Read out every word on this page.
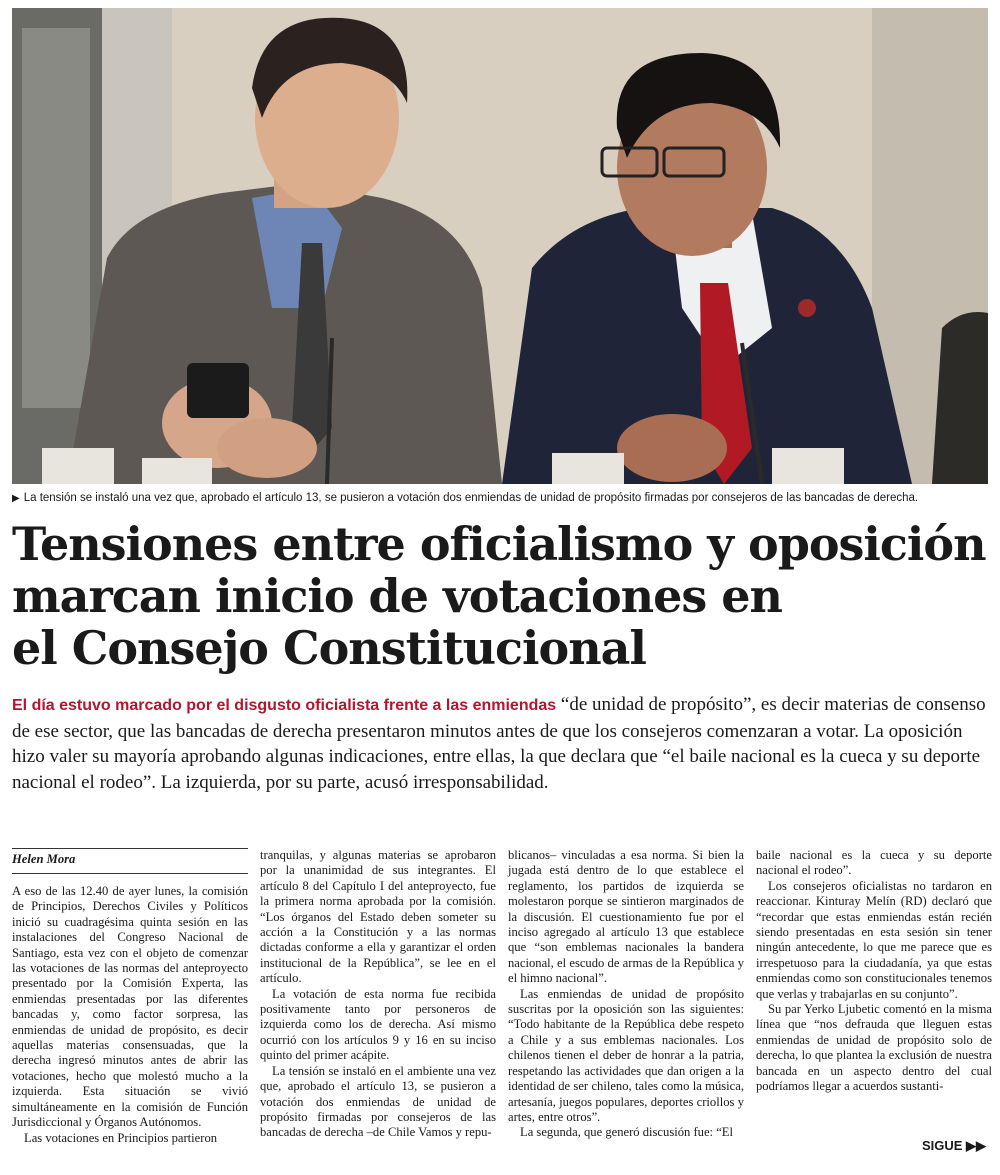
▶ La tensión se instaló una vez que, aprobado el artículo 13, se pusieron a votación dos enmiendas de unidad de propósito firmadas por consejeros de las bancadas de derecha.
Tensiones entre oficialismo y oposición
marcan inicio de votaciones en
el Consejo Constitucional
El día estuvo marcado por el disgusto oficialista frente a las enmiendas “de unidad de propósito”, es decir materias de consenso de ese sector, que las bancadas de derecha presentaron minutos antes de que los consejeros comenzaran a votar. La oposición hizo valer su mayoría aprobando algunas indicaciones, entre ellas, la que declara que “el baile nacional es la cueca y su deporte nacional el rodeo”. La izquierda, por su parte, acusó irresponsabilidad.
Helen Mora

A eso de las 12.40 de ayer lunes, la comisión de Principios, Derechos Civiles y Políticos inició su cuadragésima quinta sesión en las instalaciones del Congreso Nacional de Santiago, esta vez con el objeto de comenzar las votaciones de las normas del anteproyecto presentado por la Comisión Experta, las enmiendas presentadas por las diferentes bancadas y, como factor sorpresa, las enmiendas de unidad de propósito, es decir aquellas materias consensuadas, que la derecha ingresó minutos antes de abrir las votaciones, hecho que molestó mucho a la izquierda. Esta situación se vivió simultáneamente en la comisión de Función Jurisdiccional y Órganos Autónomos.

Las votaciones en Principios partieron

tranquilas, y algunas materias se aprobaron por la unanimidad de sus integrantes. El artículo 8 del Capítulo I del anteproyecto, fue la primera norma aprobada por la comisión. “Los órganos del Estado deben someter su acción a la Constitución y a las normas dictadas conforme a ella y garantizar el orden institucional de la República”, se lee en el artículo.

La votación de esta norma fue recibida positivamente tanto por personeros de izquierda como los de derecha. Así mismo ocurrió con los artículos 9 y 16 en su inciso quinto del primer acápite.

La tensión se instaló en el ambiente una vez que, aprobado el artículo 13, se pusieron a votación dos enmiendas de unidad de propósito firmadas por consejeros de las bancadas de derecha –de Chile Vamos y repu-

blicanos– vinculadas a esa norma. Si bien la jugada está dentro de lo que establece el reglamento, los partidos de izquierda se molestaron porque se sintieron marginados de la discusión. El cuestionamiento fue por el inciso agregado al artículo 13 que establece que “son emblemas nacionales la bandera nacional, el escudo de armas de la República y el himno nacional”.

Las enmiendas de unidad de propósito suscritas por la oposición son las siguientes: “Todo habitante de la República debe respeto a Chile y a sus emblemas nacionales. Los chilenos tienen el deber de honrar a la patria, respetando las actividades que dan origen a la identidad de ser chileno, tales como la música, artesanía, juegos populares, deportes criollos y artes, entre otros”.

La segunda, que generó discusión fue: “El

baile nacional es la cueca y su deporte nacional el rodeo”.

Los consejeros oficialistas no tardaron en reaccionar. Kinturay Melín (RD) declaró que “recordar que estas enmiendas están recién siendo presentadas en esta sesión sin tener ningún antecedente, lo que me parece que es irrespetuoso para la ciudadanía, ya que estas enmiendas como son constitucionales tenemos que verlas y trabajarlas en su conjunto”.

Su par Yerko Ljubetic comentó en la misma línea que “nos defrauda que lleguen estas enmiendas de unidad de propósito solo de derecha, lo que plantea la exclusión de nuestra bancada en un aspecto dentro del cual podríamos llegar a acuerdos sustanti-

SIGUE ▶▶
